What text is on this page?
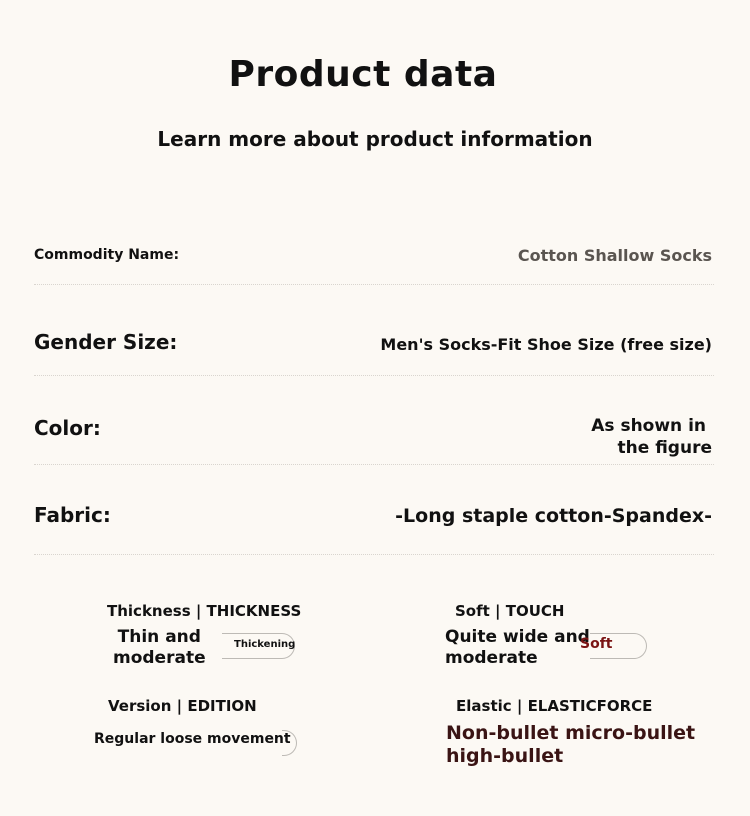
Product data
Learn more about product information
Commodity Name:	Cotton Shallow Socks
Gender Size:	Men's Socks-Fit Shoe Size (free size)
Color:	As shown in
the figure
Fabric:	-Long staple cotton-Spandex-
Thickness | THICKNESS
Thin and
moderate
Thickening
Soft | TOUCH
Quite wide and
moderate
Soft
Version | EDITION
Regular loose movement
Elastic | ELASTICFORCE
Non-bullet micro-bullet
high-bullet
